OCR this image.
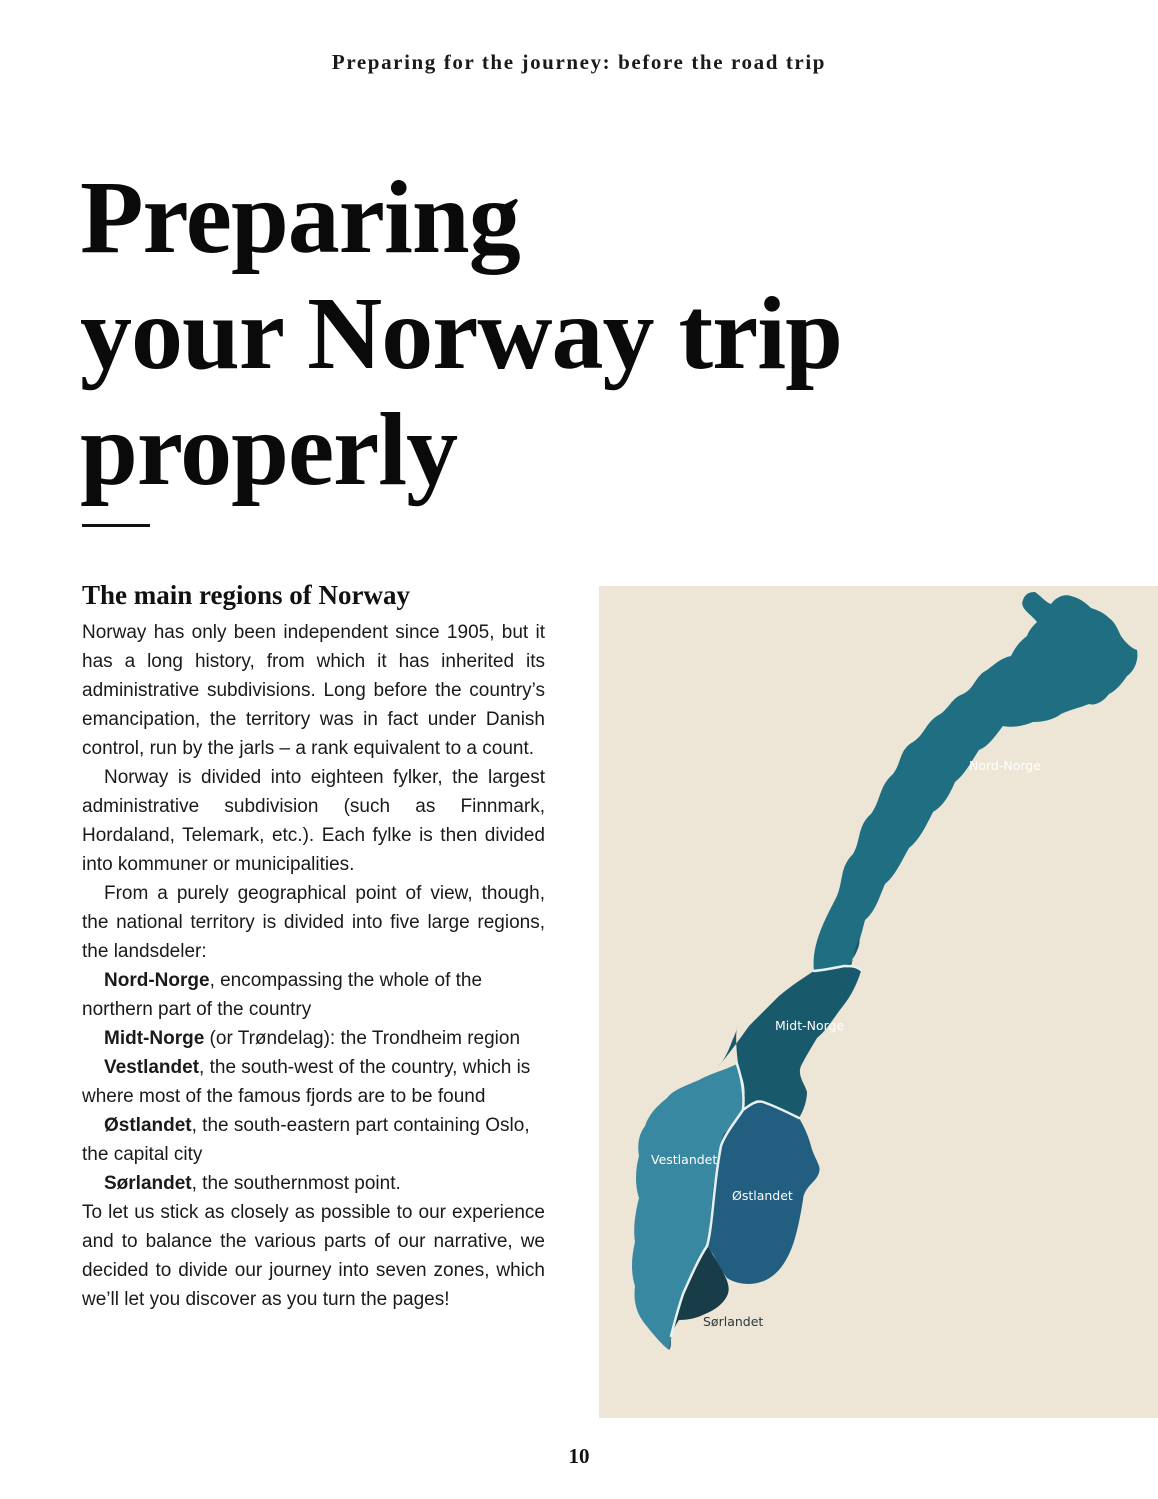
Preparing for the journey: before the road trip
Preparing
your Norway trip
properly
The main regions of Norway

Norway has only been independent since 1905, but it has a long history, from which it has inherited its administrative subdivisions. Long before the country’s emancipation, the territory was in fact under Danish control, run by the jarls – a rank equivalent to a count.

Norway is divided into eighteen fylker, the largest administrative subdivision (such as Finnmark, Hordaland, Telemark, etc.). Each fylke is then divided into kommuner or municipalities.

From a purely geographical point of view, though, the national territory is divided into five large regions, the landsdeler:

Nord-Norge, encompassing the whole of the northern part of the country

Midt-Norge (or Trøndelag): the Trondheim region

Vestlandet, the south-west of the country, which is where most of the famous fjords are to be found

Østlandet, the south-eastern part containing Oslo, the capital city

Sørlandet, the southernmost point.

To let us stick as closely as possible to our experience and to balance the various parts of our narrative, we decided to divide our journey into seven zones, which we’ll let you discover as you turn the pages!

Nord-Norge
Midt-Norge
Vestlandet
Østlandet
Sørlandet
10
